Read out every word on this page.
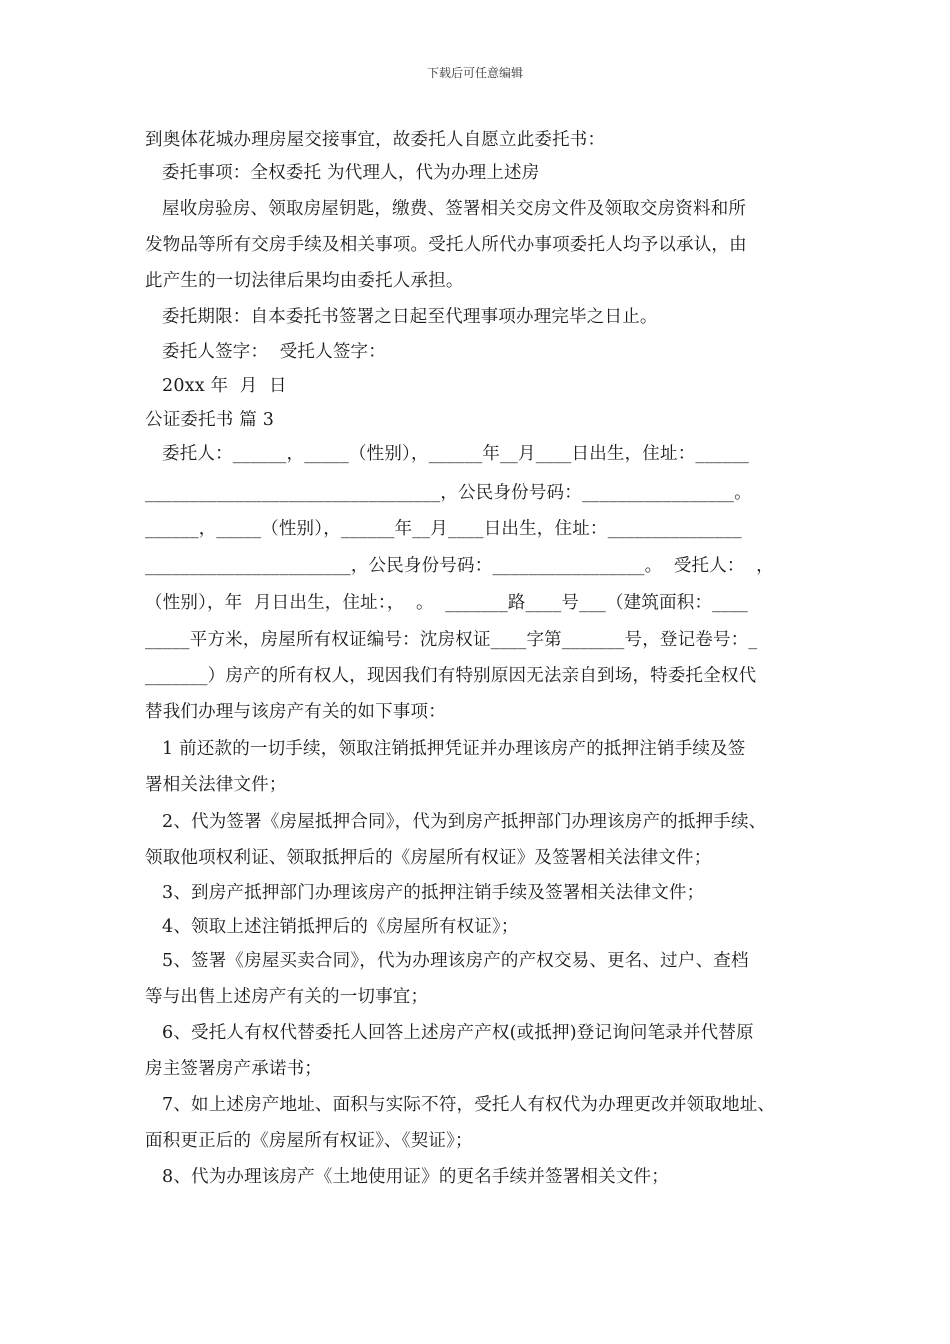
下载后可任意编辑
到奥体花城办理房屋交接事宜，故委托人自愿立此委托书：
委托事项：全权委托 为代理人，代为办理上述房
屋收房验房、领取房屋钥匙，缴费、签署相关交房文件及领取交房资料和所
发物品等所有交房手续及相关事项。受托人所代办事项委托人均予以承认，由
此产生的一切法律后果均由委托人承担。
委托期限：自本委托书签署之日起至代理事项办理完毕之日止。
委托人签字：  受托人签字：
20xx 年  月  日
公证委托书 篇 3
委托人：______，_____（性别），______年__月____日出生，住址：______
_________________________________，公民身份号码：_________________。
______，_____（性别），______年__月____日出生，住址：_______________
_______________________，公民身份号码：_________________。  受托人：  ，
（性别），年  月日出生，住址：，  。  _______路____号___（建筑面积：____
_____平方米，房屋所有权证编号：沈房权证____字第_______号，登记卷号：_
_______）房产的所有权人，现因我们有特别原因无法亲自到场，特委托全权代
替我们办理与该房产有关的如下事项：
1 前还款的一切手续，领取注销抵押凭证并办理该房产的抵押注销手续及签
署相关法律文件；
2、代为签署《房屋抵押合同》，代为到房产抵押部门办理该房产的抵押手续、
领取他项权利证、领取抵押后的《房屋所有权证》及签署相关法律文件；
3、到房产抵押部门办理该房产的抵押注销手续及签署相关法律文件；
4、领取上述注销抵押后的《房屋所有权证》；
5、签署《房屋买卖合同》，代为办理该房产的产权交易、更名、过户、查档
等与出售上述房产有关的一切事宜；
6、受托人有权代替委托人回答上述房产产权(或抵押)登记询问笔录并代替原
房主签署房产承诺书；
7、如上述房产地址、面积与实际不符，受托人有权代为办理更改并领取地址、
面积更正后的《房屋所有权证》、《契证》；
8、代为办理该房产《土地使用证》的更名手续并签署相关文件；
